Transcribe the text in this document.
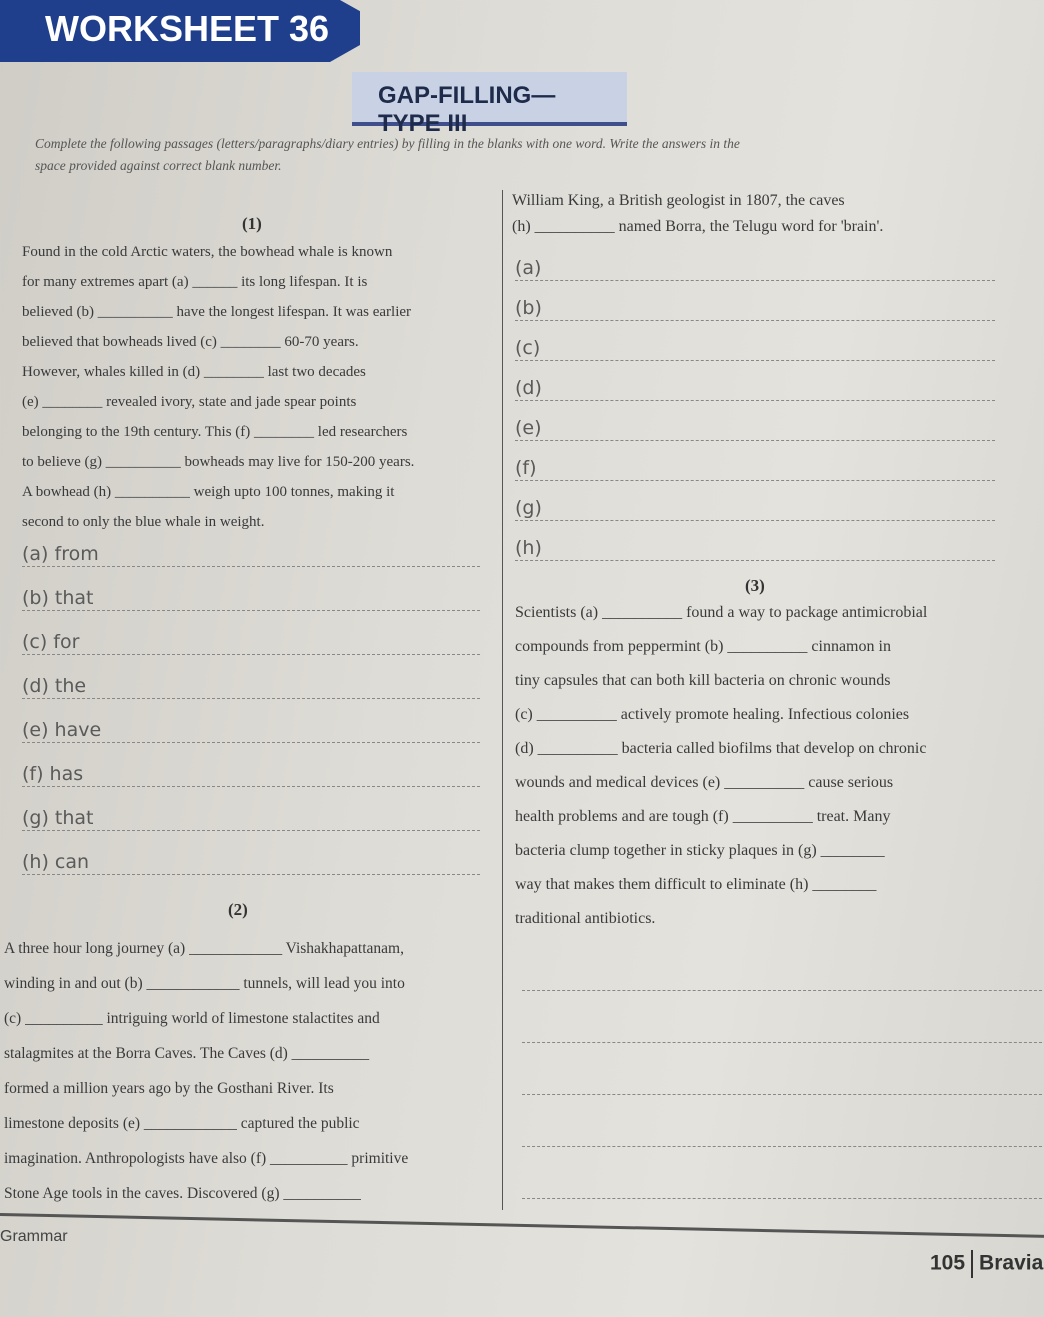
WORKSHEET 36
GAP-FILLING—TYPE III
Complete the following passages (letters/paragraphs/diary entries) by filling in the blanks with one word. Write the answers in the
space provided against correct blank number.
(1)
Found in the cold Arctic waters, the bowhead whale is known
for many extremes apart (a) ______ its long lifespan. It is
believed (b) __________ have the longest lifespan. It was earlier
believed that bowheads lived (c) ________ 60-70 years.
However, whales killed in (d) ________ last two decades
(e) ________ revealed ivory, state and jade spear points
belonging to the 19th century. This (f) ________ led researchers
to believe (g) __________ bowheads may live for 150-200 years.
A bowhead (h) __________ weigh upto 100 tonnes, making it
second to only the blue whale in weight.
(a) from
(b) that
(c) for
(d) the
(e) have
(f) has
(g) that
(h) can
(2)
A three hour long journey (a) ____________ Vishakhapattanam,
winding in and out (b) ____________ tunnels, will lead you into
(c) __________ intriguing world of limestone stalactites and
stalagmites at the Borra Caves. The Caves (d) __________
formed a million years ago by the Gosthani River. Its
limestone deposits (e) ____________ captured the public
imagination. Anthropologists have also (f) __________ primitive
Stone Age tools in the caves. Discovered (g) __________
William King, a British geologist in 1807, the caves
(h) __________ named Borra, the Telugu word for 'brain'.
(a)
(b)
(c)
(d)
(e)
(f)
(g)
(h)
(3)
Scientists (a) __________ found a way to package antimicrobial
compounds from peppermint (b) __________ cinnamon in
tiny capsules that can both kill bacteria on chronic wounds
(c) __________ actively promote healing. Infectious colonies
(d) __________ bacteria called biofilms that develop on chronic
wounds and medical devices (e) __________ cause serious
health problems and are tough (f) __________ treat. Many
bacteria clump together in sticky plaques in (g) ________
way that makes them difficult to eliminate (h) ________
traditional antibiotics.
Grammar
105 Bravia
